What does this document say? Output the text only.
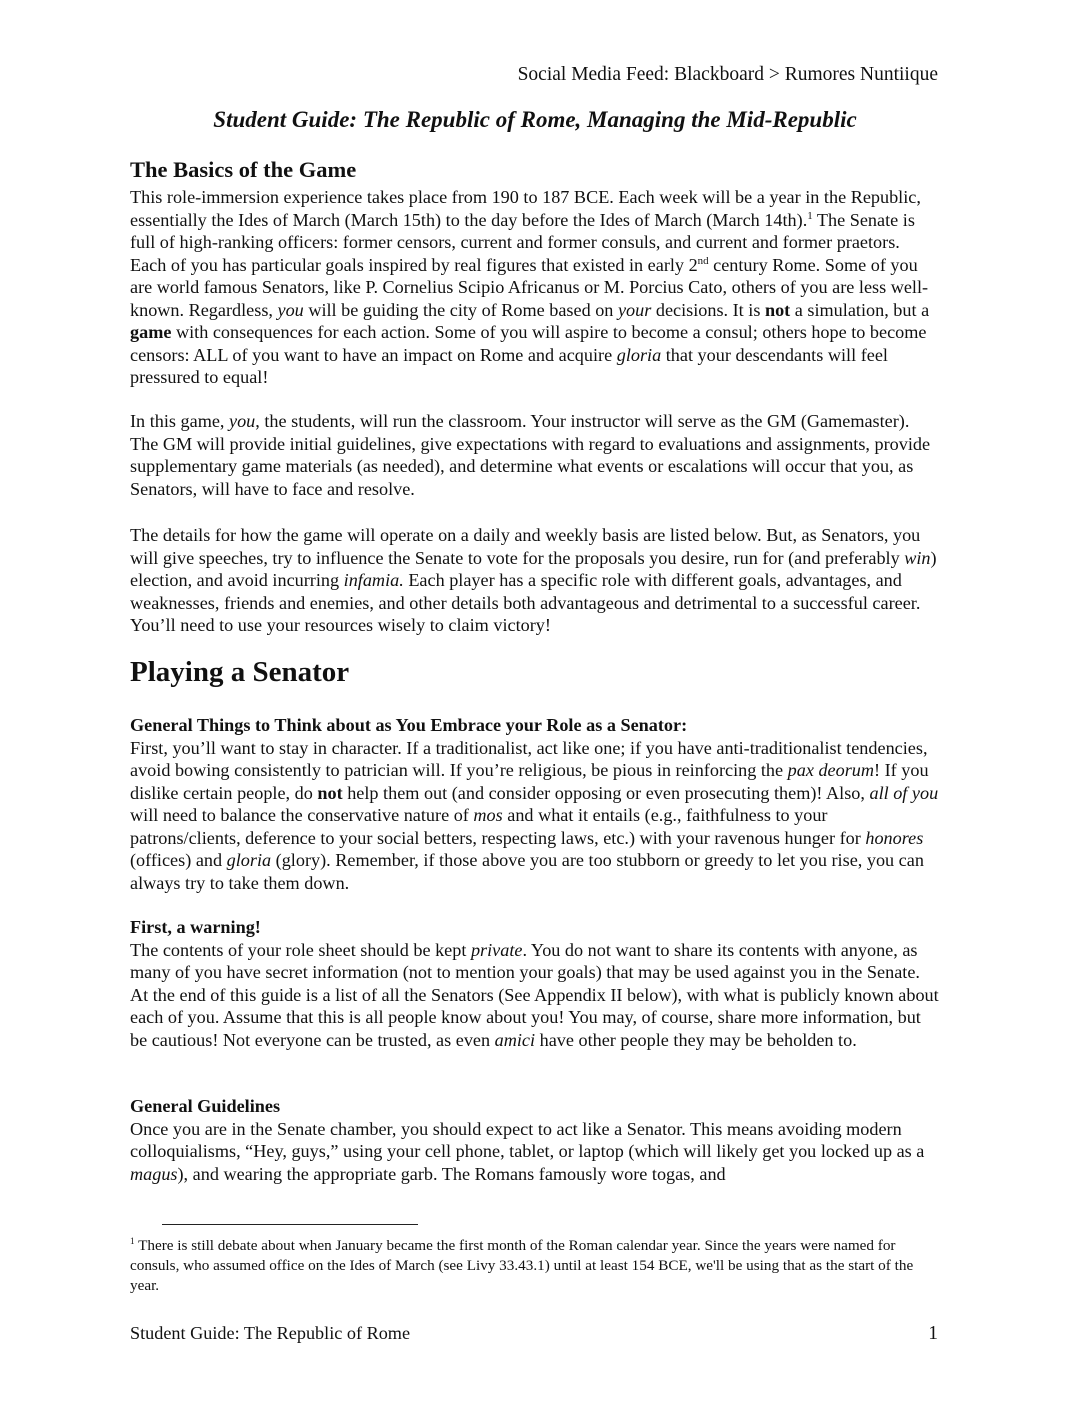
Social Media Feed: Blackboard > Rumores Nuntiique
Student Guide: The Republic of Rome, Managing the Mid-Republic
The Basics of the Game

This role-immersion experience takes place from 190 to 187 BCE. Each week will be a year in the Republic, essentially the Ides of March (March 15th) to the day before the Ides of March (March 14th).$^1$ The Senate is full of high-ranking officers: former censors, current and former consuls, and current and former praetors. Each of you has particular goals inspired by real figures that existed in early 2nd century Rome. Some of you are world famous Senators, like P. Cornelius Scipio Africanus or M. Porcius Cato, others of you are less well-known. Regardless, you will be guiding the city of Rome based on your decisions. It is not a simulation, but a game with consequences for each action. Some of you will aspire to become a consul; others hope to become censors: ALL of you want to have an impact on Rome and acquire gloria that your descendants will feel pressured to equal!

In this game, you, the students, will run the classroom. Your instructor will serve as the GM (Gamemaster). The GM will provide initial guidelines, give expectations with regard to evaluations and assignments, provide supplementary game materials (as needed), and determine what events or escalations will occur that you, as Senators, will have to face and resolve.

The details for how the game will operate on a daily and weekly basis are listed below. But, as Senators, you will give speeches, try to influence the Senate to vote for the proposals you desire, run for (and preferably win) election, and avoid incurring infamia. Each player has a specific role with different goals, advantages, and weaknesses, friends and enemies, and other details both advantageous and detrimental to a successful career. You’ll need to use your resources wisely to claim victory!

Playing a Senator

General Things to Think about as You Embrace your Role as a Senator:

First, you’ll want to stay in character. If a traditionalist, act like one; if you have anti-traditionalist tendencies, avoid bowing consistently to patrician will. If you’re religious, be pious in reinforcing the pax deorum! If you dislike certain people, do not help them out (and consider opposing or even prosecuting them)! Also, all of you will need to balance the conservative nature of mos and what it entails (e.g., faithfulness to your patrons/clients, deference to your social betters, respecting laws, etc.) with your ravenous hunger for honores (offices) and gloria (glory). Remember, if those above you are too stubborn or greedy to let you rise, you can always try to take them down.

First, a warning!

The contents of your role sheet should be kept private. You do not want to share its contents with anyone, as many of you have secret information (not to mention your goals) that may be used against you in the Senate. At the end of this guide is a list of all the Senators (See Appendix II below), with what is publicly known about each of you. Assume that this is all people know about you! You may, of course, share more information, but be cautious! Not everyone can be trusted, as even amici have other people they may be beholden to.

General Guidelines

Once you are in the Senate chamber, you should expect to act like a Senator. This means avoiding modern colloquialisms, “Hey, guys,” using your cell phone, tablet, or laptop (which will likely get you locked up as a magus), and wearing the appropriate garb. The Romans famously wore togas, and

$^1$ There is still debate about when January became the first month of the Roman calendar year. Since the years were named for consuls, who assumed office on the Ides of March (see Livy 33.43.1) until at least 154 BCE, we'll be using that as the start of the year.

Student Guide: The Republic of Rome	1
